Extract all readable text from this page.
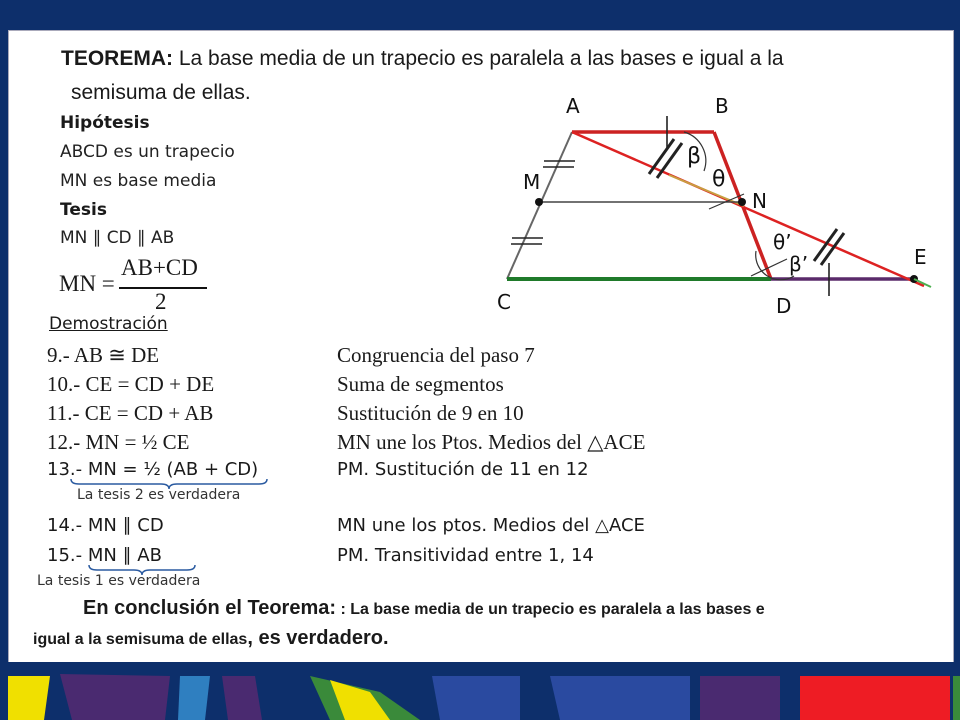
TEOREMA: La base media de un trapecio es paralela a las bases e igual a la
semisuma de ellas.
Hipótesis
ABCD es un trapecio
MN es base media
Tesis
MN ∥ CD ∥ AB
MN =
AB+CD
2
A	B
M
N
E
C	D
β
θ
θ’
β’
Demostración
9.- AB ≅ DE	Congruencia del paso 7
10.- CE = CD + DE	Suma de segmentos
11.- CE = CD + AB	Sustitución de 9 en 10
12.- MN = ½ CE	MN une los Ptos. Medios del △ACE
13.- MN = ½ (AB + CD)	PM. Sustitución de 11 en 12
La tesis 2 es verdadera
14.- MN ∥ CD	MN une los ptos. Medios del △ACE
15.- MN ∥ AB	PM. Transitividad entre 1, 14
La tesis 1 es verdadera
En conclusión el Teorema: : La base media de un trapecio es paralela a las bases e
igual a la semisuma de ellas, es verdadero.
